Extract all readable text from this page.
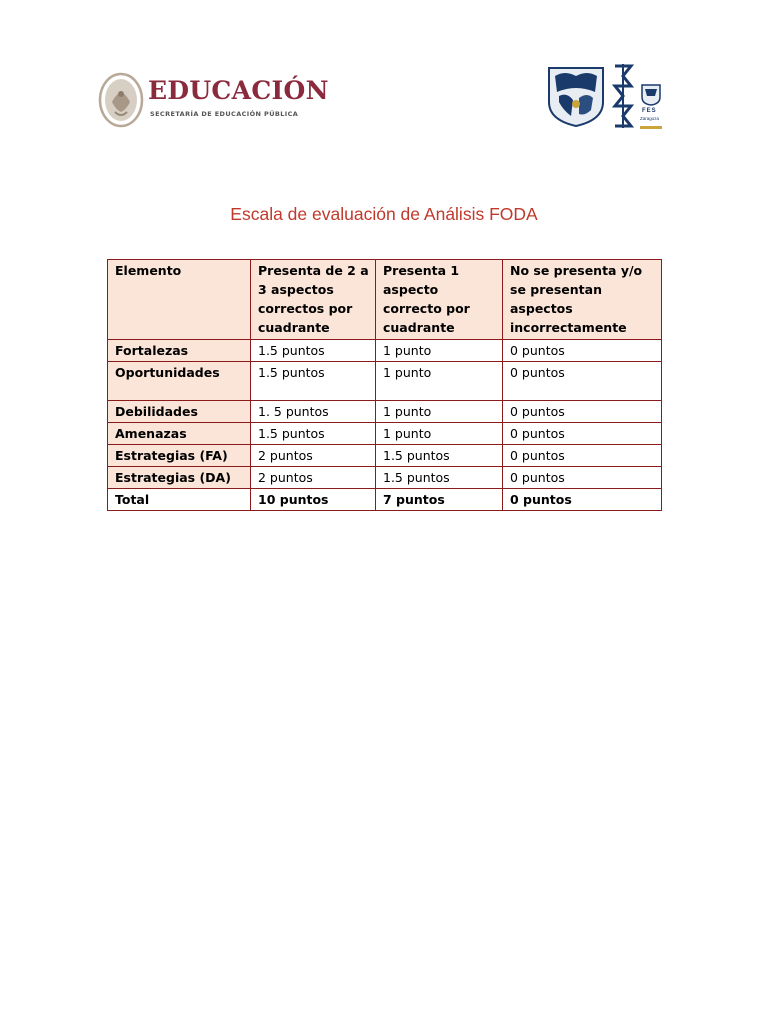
EDUCACIÓN
SECRETARÍA DE EDUCACIÓN PÚBLICA	FES
Zaragoza
Escala de evaluación de Análisis FODA
Elemento	Presenta de 2 a 3 aspectos correctos por cuadrante	Presenta 1 aspecto correcto por cuadrante	No se presenta y/o se presentan aspectos incorrectamente
Fortalezas	1.5 puntos	1 punto	0 puntos
Oportunidades	1.5 puntos	1 punto	0 puntos
Debilidades	1. 5 puntos	1 punto	0 puntos
Amenazas	1.5 puntos	1 punto	0 puntos
Estrategias (FA)	2 puntos	1.5 puntos	0 puntos
Estrategias (DA)	2 puntos	1.5 puntos	0 puntos
Total	10 puntos	7 puntos	0 puntos
